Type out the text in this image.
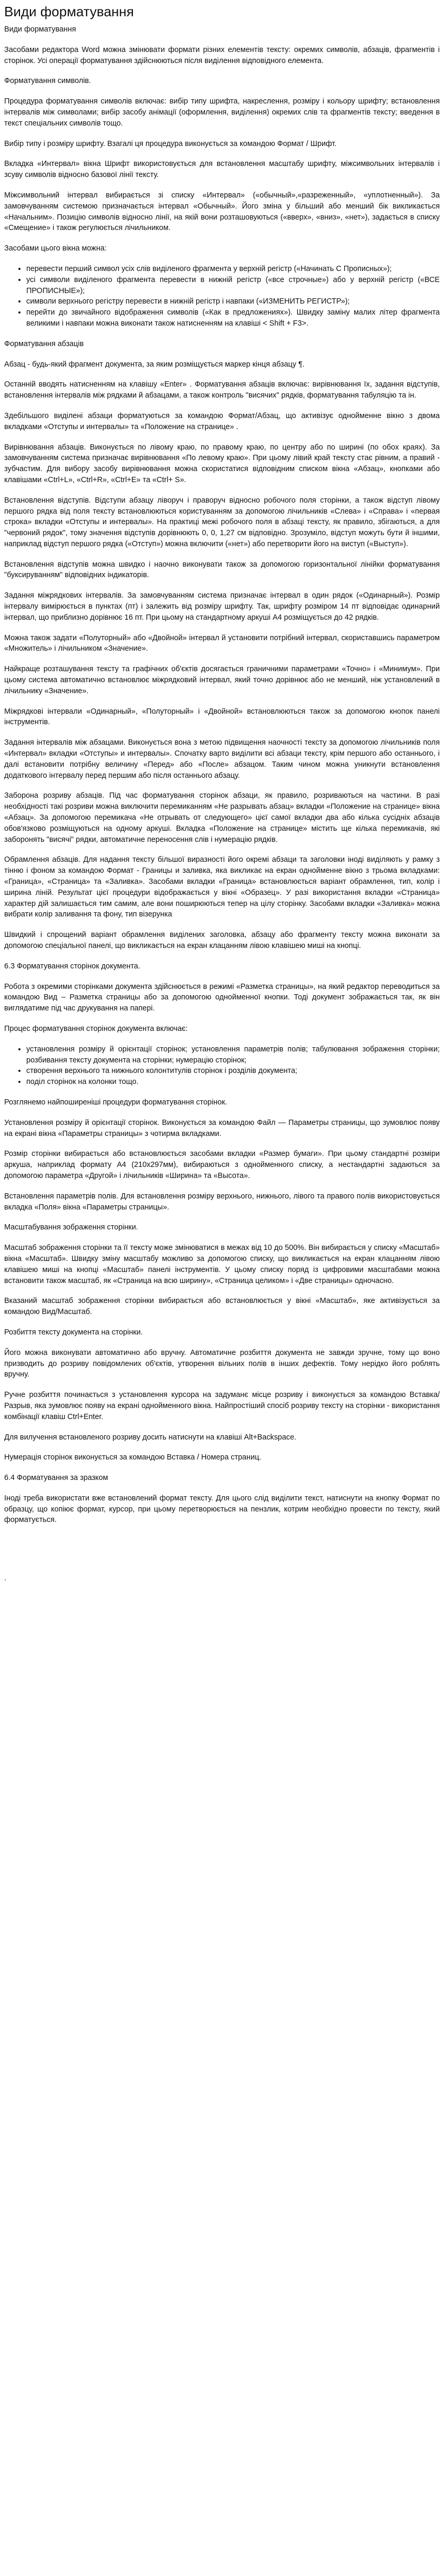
Види форматування

Види форматування

Засобами редактора Word можна змінювати формати різних елементів тексту: окремих символів, абзаців, фрагментів і сторінок. Усі операції форматування здійснюються після виділення відповідного елемента.

Форматування символів.

Процедура форматування символів включає: вибір типу шрифта, накреслення, розміру і кольору шрифту; встановлення інтервалів між символами; вибір засобу анімації (оформлення, виділення) окремих слів та фрагментів тексту; введення в текст спеціальних символів тощо.

Вибір типу і розміру шрифту. Взагалі ця процедура виконується за командою Формат / Шрифт.

Вкладка «Интервал» вікна Шрифт використовується для встановлення масштабу шрифту, міжсимвольних інтервалів і зсуву символів відносно базової лінії тексту.

Міжсимвольний інтервал вибирається зі списку «Интервал» («обычный»,«разреженный», «уплотненный»). За замовчуванням системою призначається інтервал «Обычный». Його зміна у більший або менший бік викликається «Начальним». Позицію символів відносно лінії, на якій вони розташовуються («вверх», «вниз», «нет»), задається в списку «Смещение» і також регулюється лічильником.

Засобами цього вікна можна:

• перевести перший символ усіх слів виділеного фрагмента у верхній регістр («Начинать С Прописных»);
• усі символи виділеного фрагмента перевести в нижній регістр («все строчные») або у верхній регістр («ВСЕ ПРОПИСНЫЕ»);
• символи верхнього регістру перевести в нижній регістр і навпаки («ИЗМЕНИТЬ РЕГИСТР»);
• перейти до звичайного відображення символів («Как в предложениях»). Швидку заміну малих літер фрагмента великими і навпаки можна виконати також натисненням на клавіші < Shift + F3>.

Форматування абзаців

Абзац - будь-який фрагмент документа, за яким розміщується маркер кінця абзацу ¶.

Останній вводять натисненням на клавішу «Enter» . Форматування абзаців включає: вирівнювання їх, задання відступів, встановлення інтервалів між рядками й абзацами, а також контроль "висячих" рядків, форматування табуляцію та ін.

Здебільшого виділені абзаци форматуються за командою Формат/Абзац, що активізує однойменне вікно з двома вкладками «Отступы и интервалы» та «Положение на странице» .

Вирівнювання абзаців. Виконується по лівому краю, по правому краю, по центру або по ширині (по обох краях). За замовчуванням система призначає вирівнювання «По левому краю». При цьому лівий край тексту стає рівним, а правий - зубчастим. Для вибору засобу вирівнювання можна скористатися відповідним списком вікна «Абзац», кнопками або клавішами «Ctrl+L», «Ctrl+R», «Ctrl+E» та «Ctrl+ S».

Встановлення відступів. Відступи абзацу ліворуч і праворуч відносно робочого поля сторінки, а також відступ лівому першого рядка від поля тексту встановлюються користуванням за допомогою лічильників «Слева» і «Справа» і «первая строка» вкладки «Отступы и интервалы». На практиці межі робочого поля в абзаці тексту, як правило, збігаються, а для "червоний рядок", тому значення відступів дорівнюють 0, 0, 1,27 см відповідно. Зрозуміло, відступ можуть бути й іншими, наприклад відступ першого рядка («Отступ») можна включити («нет») або перетворити його на виступ («Выступ»).

Встановлення відступів можна швидко і наочно виконувати також за допомогою горизонтальної лінійки форматування "буксируванням" відповідних індикаторів.

Задання міжрядкових інтервалів. За замовчуванням система призначає інтервал в один рядок («Одинарный»). Розмір інтервалу вимірюється в пунктах (пт) і залежить від розміру шрифту. Так, шрифту розміром 14 пт відповідає одинарний інтервал, що приблизно дорівнює 16 пт. При цьому на стандартному аркуші А4 розміщується до 42 рядків.

Можна також задати «Полуторный» або «Двойной» інтервал й установити потрібний інтервал, скориставшись параметром «Множитель» і лічильником «Значение».

Найкраще розташування тексту та графічних об'єктів досягається граничними параметрами «Точно» і «Минимум». При цьому система автоматично встановлює міжрядковий інтервал, який точно дорівнює або не менший, ніж установлений в лічильнику «Значение».

Міжрядкові інтервали «Одинарный», «Полуторный» і «Двойной» встановлюються також за допомогою кнопок панелі інструментів.

Задання інтервалів між абзацами. Виконується вона з метою підвищення наочності тексту за допомогою лічильників поля «Интервал» вкладки «Отступы» и интервалы». Спочатку варто виділити всі абзаци тексту, крім першого або останнього, і далі встановити потрібну величину «Перед» або «После» абзацом. Таким чином можна уникнути встановлення додаткового інтервалу перед першим або після останнього абзацу.

Заборона розриву абзаців. Під час форматування сторінок абзаци, як правило, розриваються на частини. В разі необхідності такі розриви можна виключити перемиканням «Не разрывать абзац» вкладки «Положение на странице» вікна «Абзац». За допомогою перемикача «Не отрывать от следующего» цієї самої вкладки два або кілька сусідніх абзаців обов'язково розміщуються на одному аркуші. Вкладка «Положение на странице» містить ще кілька перемикачів, які заборонять "висячі" рядки, автоматичне переносення слів і нумерацію рядків.

Обрамлення абзаців. Для надання тексту більшої виразності його окремі абзаци та заголовки іноді виділяють у рамку з тінню і фоном за командою Формат - Границы и заливка, яка викликає на екран однойменне вікно з трьома вкладками: «Граница», «Страница» та «Заливка». Засобами вкладки «Граница» встановлюється варіант обрамлення, тип, колір і ширина ліній. Результат цієї процедури відображається у вікні «Образец». У разі використання вкладки «Страница» характер дій залишається тим самим, але вони поширюються тепер на цілу сторінку. Засобами вкладки «Заливка» можна вибрати колір заливання та фону, тип візерунка

Швидкий і спрощений варіант обрамлення виділених заголовка, абзацу або фрагменту тексту можна виконати за допомогою спеціальної панелі, що викликається на екран клацанням лівою клавішею миші на кнопці.

6.3 Форматування сторінок документа.

Робота з окремими сторінками документа здійснюється в режимі «Разметка страницы», на який редактор переводиться за командою Вид – Разметка страницы або за допомогою однойменної кнопки. Тоді документ зображається так, як він виглядатиме під час друкування на папері.

Процес форматування сторінок документа включає:

• установлення розміру й орієнтації сторінок; установлення параметрів полів; табулювання зображення сторінки; розбивання тексту документа на сторінки; нумерацію сторінок;
• створення верхнього та нижнього колонтитулів сторінок і розділів документа;
• поділ сторінок на колонки тощо.

Розглянемо найпоширеніші процедури форматування сторінок.

Установлення розміру й орієнтації сторінок. Виконується за командою Файл — Параметры страницы, що зумовлює появу на екрані вікна «Параметры страницы» з чотирма вкладками.

Розмір сторінки вибирається або встановлюється засобами вкладки «Размер бумаги». При цьому стандартні розміри аркуша, наприклад формату А4 (210х297мм), вибираються з однойменного списку, а нестандартні задаються за допомогою параметра «Другой» і лічильників «Ширина» та «Высота».

Встановлення параметрів полів. Для встановлення розміру верхнього, нижнього, лівого та правого полів використовується вкладка «Поля» вікна «Параметры страницы».

Масштабування зображення сторінки.

Масштаб зображення сторінки та її тексту може змінюватися в межах від 10 до 500%. Він вибирається у списку «Масштаб» вікна «Масштаб». Швидку зміну масштабу можливо за допомогою списку, що викликається на екран клацанням лівою клавішею миші на кнопці «Масштаб» панелі інструментів. У цьому списку поряд із цифровими масштабами можна встановити також масштаб, як «Страница на всю ширину», «Страница целиком» і «Две страницы» одночасно.

Вказаний масштаб зображення сторінки вибирається або встановлюється у вікні «Масштаб», яке активізується за командою Вид/Масштаб.

Розбиття тексту документа на сторінки.

Його можна виконувати автоматично або вручну. Автоматичне розбиття документа не завжди зручне, тому що воно призводить до розриву повідомлених об'єктів, утворення вільних полів в інших дефектів. Тому нерідко його роблять вручну.

Ручне розбиття починається з установлення курсора на задуманє місце розриву і виконується за командою Вставка/Разрыв, яка зумовлює появу на екрані однойменного вікна. Найпростіший спосіб розриву тексту на сторінки - використання комбінації клавіш Ctrl+Enter.

Для вилучення встановленого розриву досить натиснути на клавіші Alt+Backspace.

Нумерація сторінок виконується за командою Вставка / Номера страниц.

6.4 Форматування за зразком

Іноді треба використати вже встановлений формат тексту. Для цього слід виділити текст, натиснути на кнопку Формат по образцу, що копіює формат, курсор, при цьому перетворюється на пензлик, котрим необхідно провести по тексту, який форматується.

.
